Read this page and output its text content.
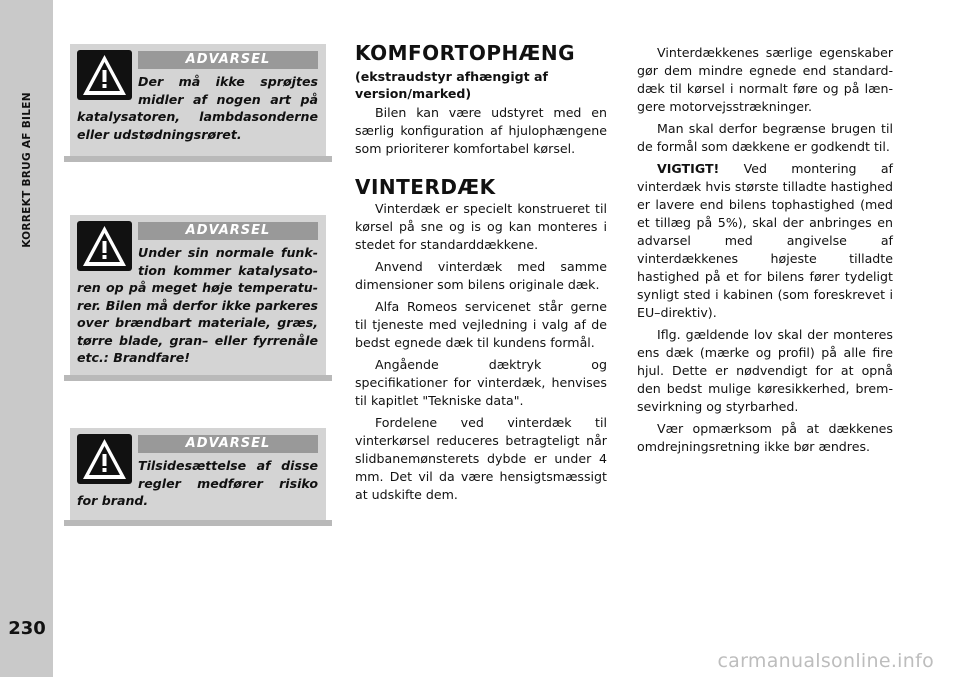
KORREKT BRUG AF BILEN
230
ADVARSEL
Der må ikke sprøjtes midler af nogen art på katalysatoren, lambdasonderne eller udstødningsrøret.
ADVARSEL
Under sin normale funktion kommer katalysatoren op på meget høje temperaturer. Bilen må derfor ikke parkeres over brændbart materiale, græs, tørre blade, gran– eller fyrrenåle etc.: Brandfare!
ADVARSEL
Tilsidesættelse af disse regler medfører risiko for brand.
KOMFORTOPHÆNG
(ekstraudstyr afhængigt af version/marked)

Bilen kan være udstyret med en særlig konfiguration af hjulophængene som prioriterer komfortabel kørsel.

VINTERDÆK

Vinterdæk er specielt konstrueret til kørsel på sne og is og kan monteres i stedet for standarddækkene.

Anvend vinterdæk med samme dimensioner som bilens originale dæk.

Alfa Romeos servicenet står gerne til tjeneste med vejledning i valg af de bedst egnede dæk til kundens formål.

Angående dæktryk og specifikationer for vinterdæk, henvises til kapitlet "Tekniske data".

Fordelene ved vinterdæk til vinterkørsel reduceres betragteligt når slidbanemønsterets dybde er under 4 mm. Det vil da være hensigtsmæssigt at udskifte dem.

Vinterdækkenes særlige egenskaber gør dem mindre egnede end standarddæk til kørsel i normalt føre og på længere motorvejsstrækninger.

Man skal derfor begrænse brugen til de formål som dækkene er godkendt til.

VIGTIGT! Ved montering af vinterdæk hvis største tilladte hastighed er lavere end bilens tophastighed (med et tillæg på 5%), skal der anbringes en advarsel med angivelse af vinterdækkenes højeste tilladte hastighed på et for bilens fører tydeligt synligt sted i kabinen (som foreskrevet i EU–direktiv).

Iflg. gældende lov skal der monteres ens dæk (mærke og profil) på alle fire hjul. Dette er nødvendigt for at opnå den bedst mulige køresikkerhed, bremsevirkning og styrbarhed.

Vær opmærksom på at dækkenes omdrejningsretning ikke bør ændres.

carmanualsonline.info
